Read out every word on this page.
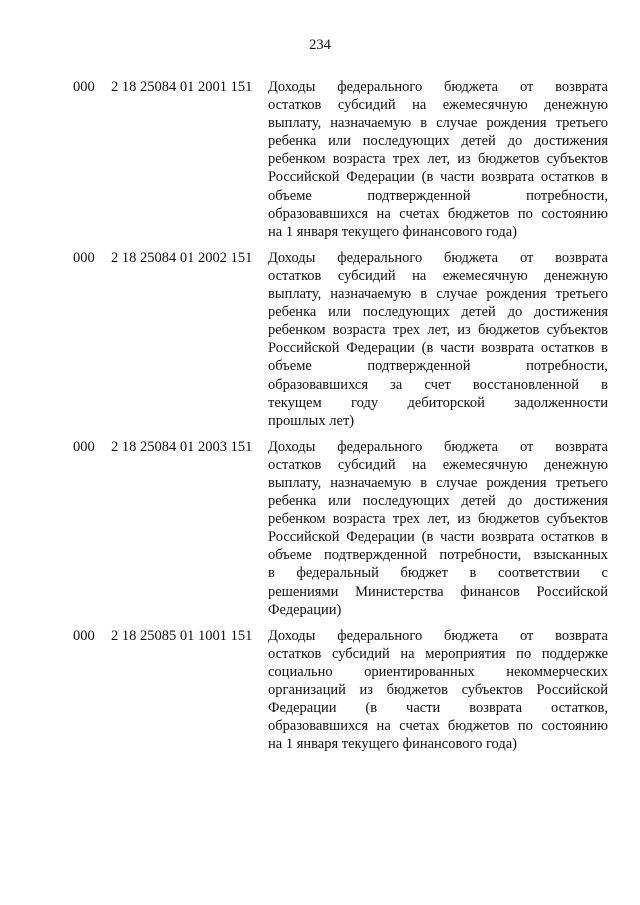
234
000	2 18 25084 01 2001 151	Доходы федерального бюджета от возврата
остатков субсидий на ежемесячную денежную
выплату, назначаемую в случае рождения третьего
ребенка или последующих детей до достижения
ребенком возраста трех лет, из бюджетов субъектов
Российской Федерации (в части возврата остатков в
объеме подтвержденной потребности,
образовавшихся на счетах бюджетов по состоянию
на 1 января текущего финансового года)
000	2 18 25084 01 2002 151	Доходы федерального бюджета от возврата
остатков субсидий на ежемесячную денежную
выплату, назначаемую в случае рождения третьего
ребенка или последующих детей до достижения
ребенком возраста трех лет, из бюджетов субъектов
Российской Федерации (в части возврата остатков в
объеме подтвержденной потребности,
образовавшихся за счет восстановленной в
текущем году дебиторской задолженности
прошлых лет)
000	2 18 25084 01 2003 151	Доходы федерального бюджета от возврата
остатков субсидий на ежемесячную денежную
выплату, назначаемую в случае рождения третьего
ребенка или последующих детей до достижения
ребенком возраста трех лет, из бюджетов субъектов
Российской Федерации (в части возврата остатков в
объеме подтвержденной потребности, взысканных
в федеральный бюджет в соответствии с
решениями Министерства финансов Российской
Федерации)
000	2 18 25085 01 1001 151	Доходы федерального бюджета от возврата
остатков субсидий на мероприятия по поддержке
социально ориентированных некоммерческих
организаций из бюджетов субъектов Российской
Федерации (в части возврата остатков,
образовавшихся на счетах бюджетов по состоянию
на 1 января текущего финансового года)
